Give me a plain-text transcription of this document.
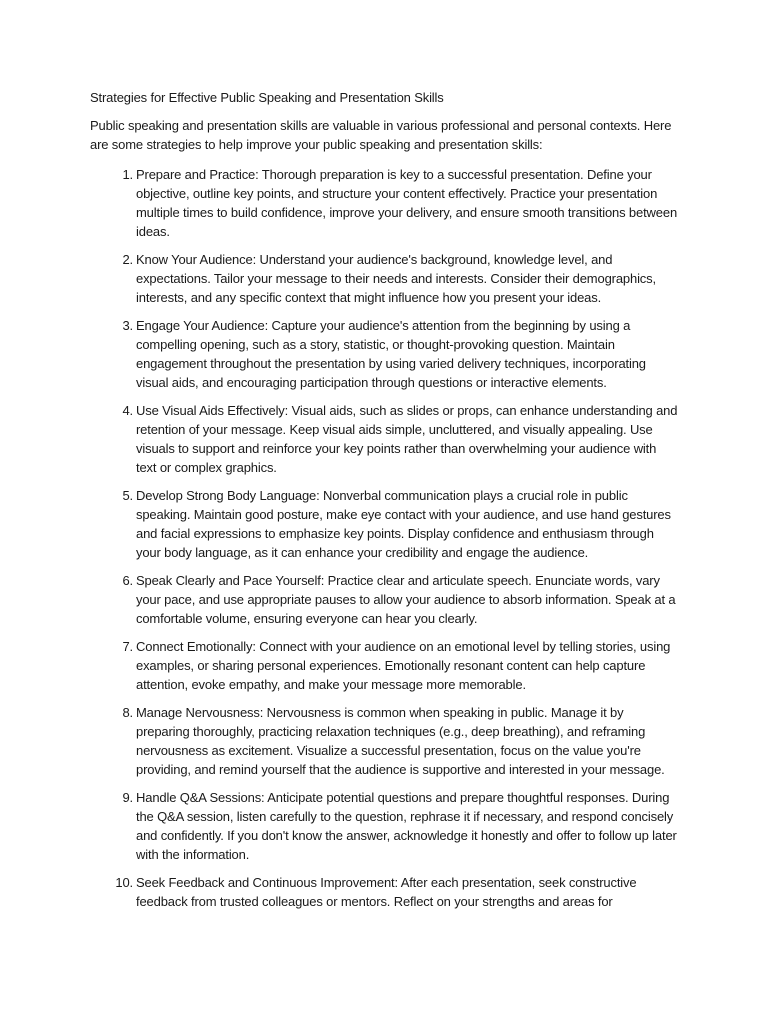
Strategies for Effective Public Speaking and Presentation Skills

Public speaking and presentation skills are valuable in various professional and personal contexts. Here are some strategies to help improve your public speaking and presentation skills:

1 . Prepare and Practice: Thorough preparation is key to a successful presentation. Define your objective, outline key points, and structure your content effectively. Practice your presentation multiple times to build confidence, improve your delivery, and ensure smooth transitions between ideas.
2 . Know Your Audience: Understand your audience's background, knowledge level, and expectations. Tailor your message to their needs and interests. Consider their demographics, interests, and any specific context that might influence how you present your ideas.
3 . Engage Your Audience: Capture your audience's attention from the beginning by using a compelling opening, such as a story, statistic, or thought-provoking question. Maintain engagement throughout the presentation by using varied delivery techniques, incorporating visual aids, and encouraging participation through questions or interactive elements.
4 . Use Visual Aids Effectively: Visual aids, such as slides or props, can enhance understanding and retention of your message. Keep visual aids simple, uncluttered, and visually appealing. Use visuals to support and reinforce your key points rather than overwhelming your audience with text or complex graphics.
5 . Develop Strong Body Language: Nonverbal communication plays a crucial role in public speaking. Maintain good posture, make eye contact with your audience, and use hand gestures and facial expressions to emphasize key points. Display confidence and enthusiasm through your body language, as it can enhance your credibility and engage the audience.
6 . Speak Clearly and Pace Yourself: Practice clear and articulate speech. Enunciate words, vary your pace, and use appropriate pauses to allow your audience to absorb information. Speak at a comfortable volume, ensuring everyone can hear you clearly.
7 . Connect Emotionally: Connect with your audience on an emotional level by telling stories, using examples, or sharing personal experiences. Emotionally resonant content can help capture attention, evoke empathy, and make your message more memorable.
8 . Manage Nervousness: Nervousness is common when speaking in public. Manage it by preparing thoroughly, practicing relaxation techniques (e.g., deep breathing), and reframing nervousness as excitement. Visualize a successful presentation, focus on the value you're providing, and remind yourself that the audience is supportive and interested in your message.
9 . Handle Q&A Sessions: Anticipate potential questions and prepare thoughtful responses. During the Q&A session, listen carefully to the question, rephrase it if necessary, and respond concisely and confidently. If you don't know the answer, acknowledge it honestly and offer to follow up later with the information.
10 . Seek Feedback and Continuous Improvement: After each presentation, seek constructive feedback from trusted colleagues or mentors. Reflect on your strengths and areas for
